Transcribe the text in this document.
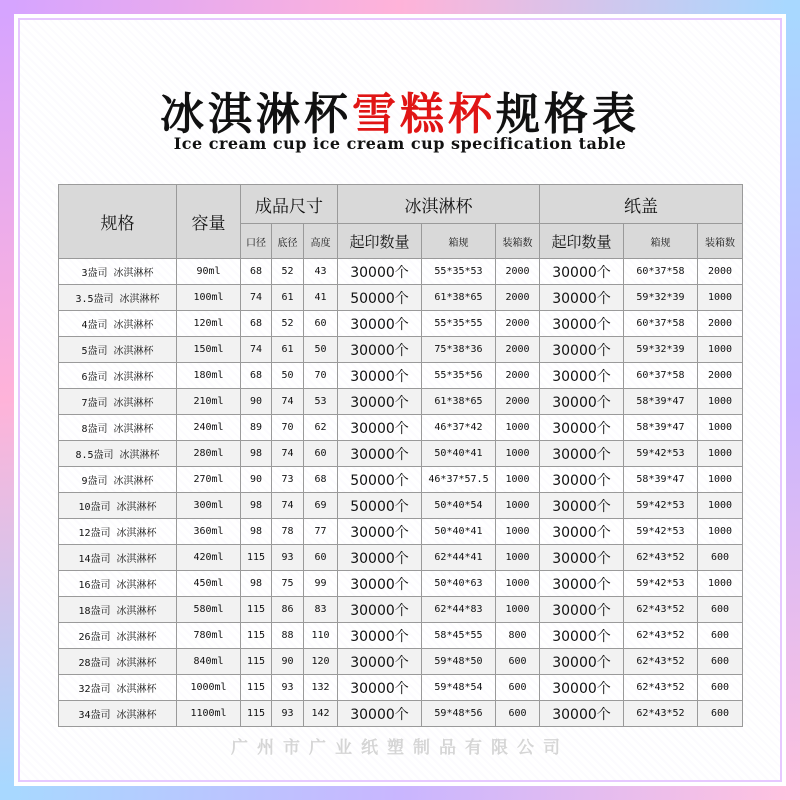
冰淇淋杯雪糕杯规格表
Ice cream cup ice cream cup specification table
规格	容量	成品尺寸			冰淇淋杯			纸盖		
		口径	底径	高度	起印数量	箱规	装箱数	起印数量	箱规	装箱数
3盎司 冰淇淋杯	90ml	68	52	43	30000个	55*35*53	2000	30000个	60*37*58	2000
3.5盎司 冰淇淋杯	100ml	74	61	41	50000个	61*38*65	2000	30000个	59*32*39	1000
4盎司 冰淇淋杯	120ml	68	52	60	30000个	55*35*55	2000	30000个	60*37*58	2000
5盎司 冰淇淋杯	150ml	74	61	50	30000个	75*38*36	2000	30000个	59*32*39	1000
6盎司 冰淇淋杯	180ml	68	50	70	30000个	55*35*56	2000	30000个	60*37*58	2000
7盎司 冰淇淋杯	210ml	90	74	53	30000个	61*38*65	2000	30000个	58*39*47	1000
8盎司 冰淇淋杯	240ml	89	70	62	30000个	46*37*42	1000	30000个	58*39*47	1000
8.5盎司 冰淇淋杯	280ml	98	74	60	30000个	50*40*41	1000	30000个	59*42*53	1000
9盎司 冰淇淋杯	270ml	90	73	68	50000个	46*37*57.5	1000	30000个	58*39*47	1000
10盎司 冰淇淋杯	300ml	98	74	69	50000个	50*40*54	1000	30000个	59*42*53	1000
12盎司 冰淇淋杯	360ml	98	78	77	30000个	50*40*41	1000	30000个	59*42*53	1000
14盎司 冰淇淋杯	420ml	115	93	60	30000个	62*44*41	1000	30000个	62*43*52	600
16盎司 冰淇淋杯	450ml	98	75	99	30000个	50*40*63	1000	30000个	59*42*53	1000
18盎司 冰淇淋杯	580ml	115	86	83	30000个	62*44*83	1000	30000个	62*43*52	600
26盎司 冰淇淋杯	780ml	115	88	110	30000个	58*45*55	800	30000个	62*43*52	600
28盎司 冰淇淋杯	840ml	115	90	120	30000个	59*48*50	600	30000个	62*43*52	600
32盎司 冰淇淋杯	1000ml	115	93	132	30000个	59*48*54	600	30000个	62*43*52	600
34盎司 冰淇淋杯	1100ml	115	93	142	30000个	59*48*56	600	30000个	62*43*52	600
广州市广业纸塑制品有限公司
